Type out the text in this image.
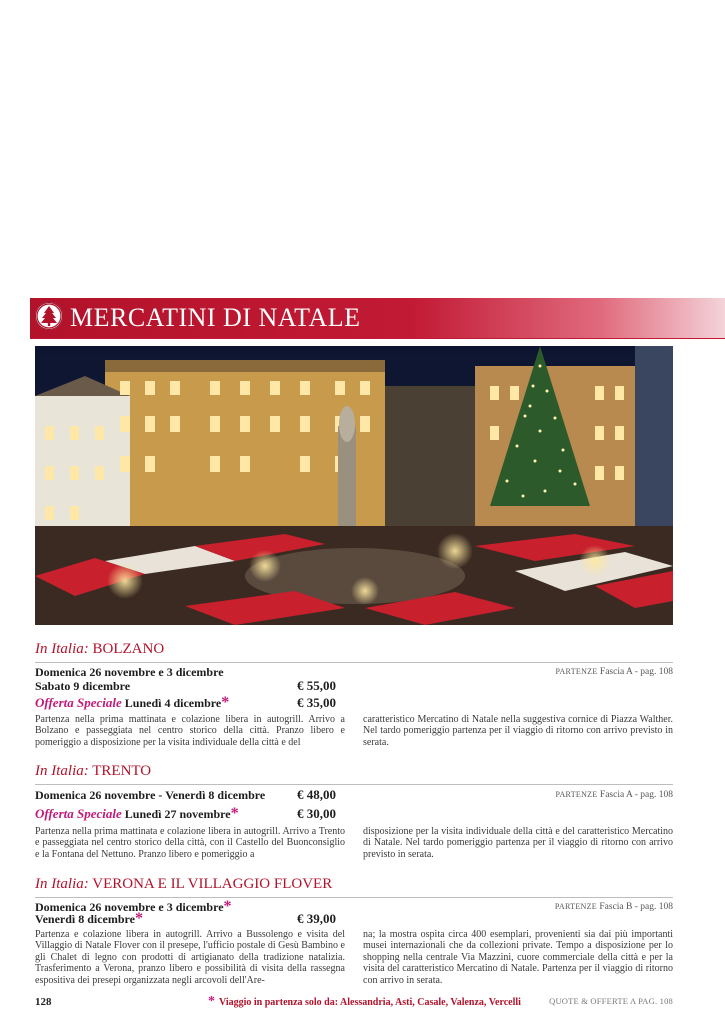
MERCATINI DI NATALE
In Italia: BOLZANO
PARTENZE Fascia A - pag. 108
Domenica 26 novembre e 3 dicembre
Sabato 9 dicembre	€ 55,00
Offerta Speciale Lunedì 4 dicembre*	€ 35,00
Partenza nella prima mattinata e colazione libera in autogrill. Arrivo a Bolzano e passeggiata nel centro storico della città. Pranzo libero e pomeriggio a disposizione per la visita individuale della città e del
caratteristico Mercatino di Natale nella suggestiva cornice di Piazza Walther. Nel tardo pomeriggio partenza per il viaggio di ritorno con arrivo previsto in serata.
In Italia: TRENTO
PARTENZE Fascia A - pag. 108
Domenica 26 novembre - Venerdì 8 dicembre € 48,00
Offerta Speciale Lunedì 27 novembre*	€ 30,00
Partenza nella prima mattinata e colazione libera in autogrill. Arrivo a Trento e passeggiata nel centro storico della città, con il Castello del Buonconsiglio e la Fontana del Nettuno. Pranzo libero e pomeriggio a
disposizione per la visita individuale della città e del caratteristico Mercatino di Natale. Nel tardo pomeriggio partenza per il viaggio di ritorno con arrivo previsto in serata.
In Italia: VERONA E IL VILLAGGIO FLOVER
PARTENZE Fascia B - pag. 108
Domenica 26 novembre e 3 dicembre*
Venerdì 8 dicembre*	€ 39,00
Partenza e colazione libera in autogrill. Arrivo a Bussolengo e visita del Villaggio di Natale Flover con il presepe, l'ufficio postale di Gesù Bambino e gli Chalet di legno con prodotti di artigianato della tradizione natalizia. Trasferimento a Verona, pranzo libero e possibilità di visita della rassegna espositiva dei presepi organizzata negli arcovoli dell'Are-
na; la mostra ospita circa 400 esemplari, provenienti sia dai più importanti musei internazionali che da collezioni private. Tempo a disposizione per lo shopping nella centrale Via Mazzini, cuore commerciale della città e per la visita del caratteristico Mercatino di Natale. Partenza per il viaggio di ritorno con arrivo in serata.
128	* Viaggio in partenza solo da: Alessandria, Asti, Casale, Valenza, Vercelli	QUOTE & OFFERTE A PAG. 108
